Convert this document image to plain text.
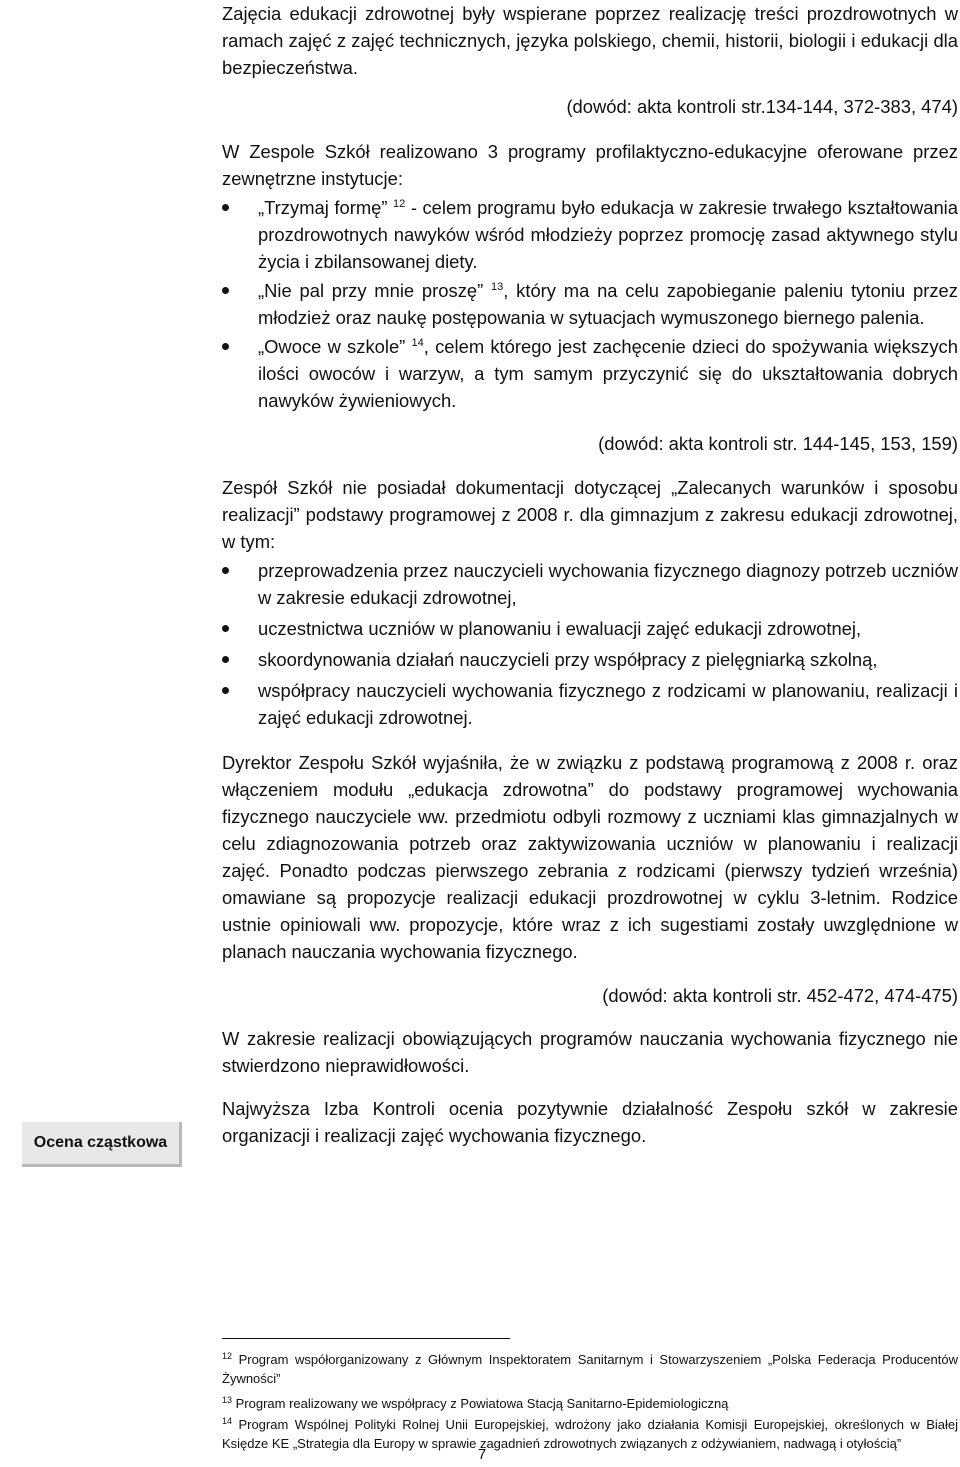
Zajęcia edukacji zdrowotnej były wspierane poprzez realizację treści prozdrowotnych w ramach zajęć z zajęć technicznych, języka polskiego, chemii, historii, biologii i edukacji dla bezpieczeństwa.

(dowód: akta kontroli str.134-144, 372-383, 474)

W Zespole Szkół realizowano 3 programy profilaktyczno-edukacyjne oferowane przez zewnętrzne instytucje:

„Trzymaj formę” $^{12}$ - celem programu było edukacja w zakresie trwałego kształtowania prozdrowotnych nawyków wśród młodzieży poprzez promocję zasad aktywnego stylu życia i zbilansowanej diety.
„Nie pal przy mnie proszę” $^{13}$, który ma na celu zapobieganie paleniu tytoniu przez młodzież oraz naukę postępowania w sytuacjach wymuszonego biernego palenia.
„Owoce w szkole” $^{14}$, celem którego jest zachęcenie dzieci do spożywania większych ilości owoców i warzyw, a tym samym przyczynić się do ukształtowania dobrych nawyków żywieniowych.

(dowód: akta kontroli str. 144-145, 153, 159)

Zespół Szkół nie posiadał dokumentacji dotyczącej „Zalecanych warunków i sposobu realizacji” podstawy programowej z 2008 r. dla gimnazjum z zakresu edukacji zdrowotnej, w tym:

przeprowadzenia przez nauczycieli wychowania fizycznego diagnozy potrzeb uczniów w zakresie edukacji zdrowotnej,
uczestnictwa uczniów w planowaniu i ewaluacji zajęć edukacji zdrowotnej,
skoordynowania działań nauczycieli przy współpracy z pielęgniarką szkolną,
współpracy nauczycieli wychowania fizycznego z rodzicami w planowaniu, realizacji i zajęć edukacji zdrowotnej.

Dyrektor Zespołu Szkół wyjaśniła, że w związku z podstawą programową z 2008 r. oraz włączeniem modułu „edukacja zdrowotna” do podstawy programowej wychowania fizycznego nauczyciele ww. przedmiotu odbyli rozmowy z uczniami klas gimnazjalnych w celu zdiagnozowania potrzeb oraz zaktywizowania uczniów w planowaniu i realizacji zajęć. Ponadto podczas pierwszego zebrania z rodzicami (pierwszy tydzień września) omawiane są propozycje realizacji edukacji prozdrowotnej w cyklu 3-letnim. Rodzice ustnie opiniowali ww. propozycje, które wraz z ich sugestiami zostały uwzględnione w planach nauczania wychowania fizycznego.

(dowód: akta kontroli str. 452-472, 474-475)

W zakresie realizacji obowiązujących programów nauczania wychowania fizycznego nie stwierdzono nieprawidłowości.

Najwyższa Izba Kontroli ocenia pozytywnie działalność Zespołu szkół w zakresie organizacji i realizacji zajęć wychowania fizycznego.

Ocena cząstkowa
$^{12}$ Program współorganizowany z Głównym Inspektoratem Sanitarnym i Stowarzyszeniem „Polska Federacja Producentów Żywności”
$^{13}$ Program realizowany we współpracy z Powiatowa Stacją Sanitarno-Epidemiologiczną
$^{14}$ Program Wspólnej Polityki Rolnej Unii Europejskiej, wdrożony jako działania Komisji Europejskiej, określonych w Białej Księdze KE „Strategia dla Europy w sprawie zagadnień zdrowotnych związanych z odżywianiem, nadwagą i otyłością”
7
